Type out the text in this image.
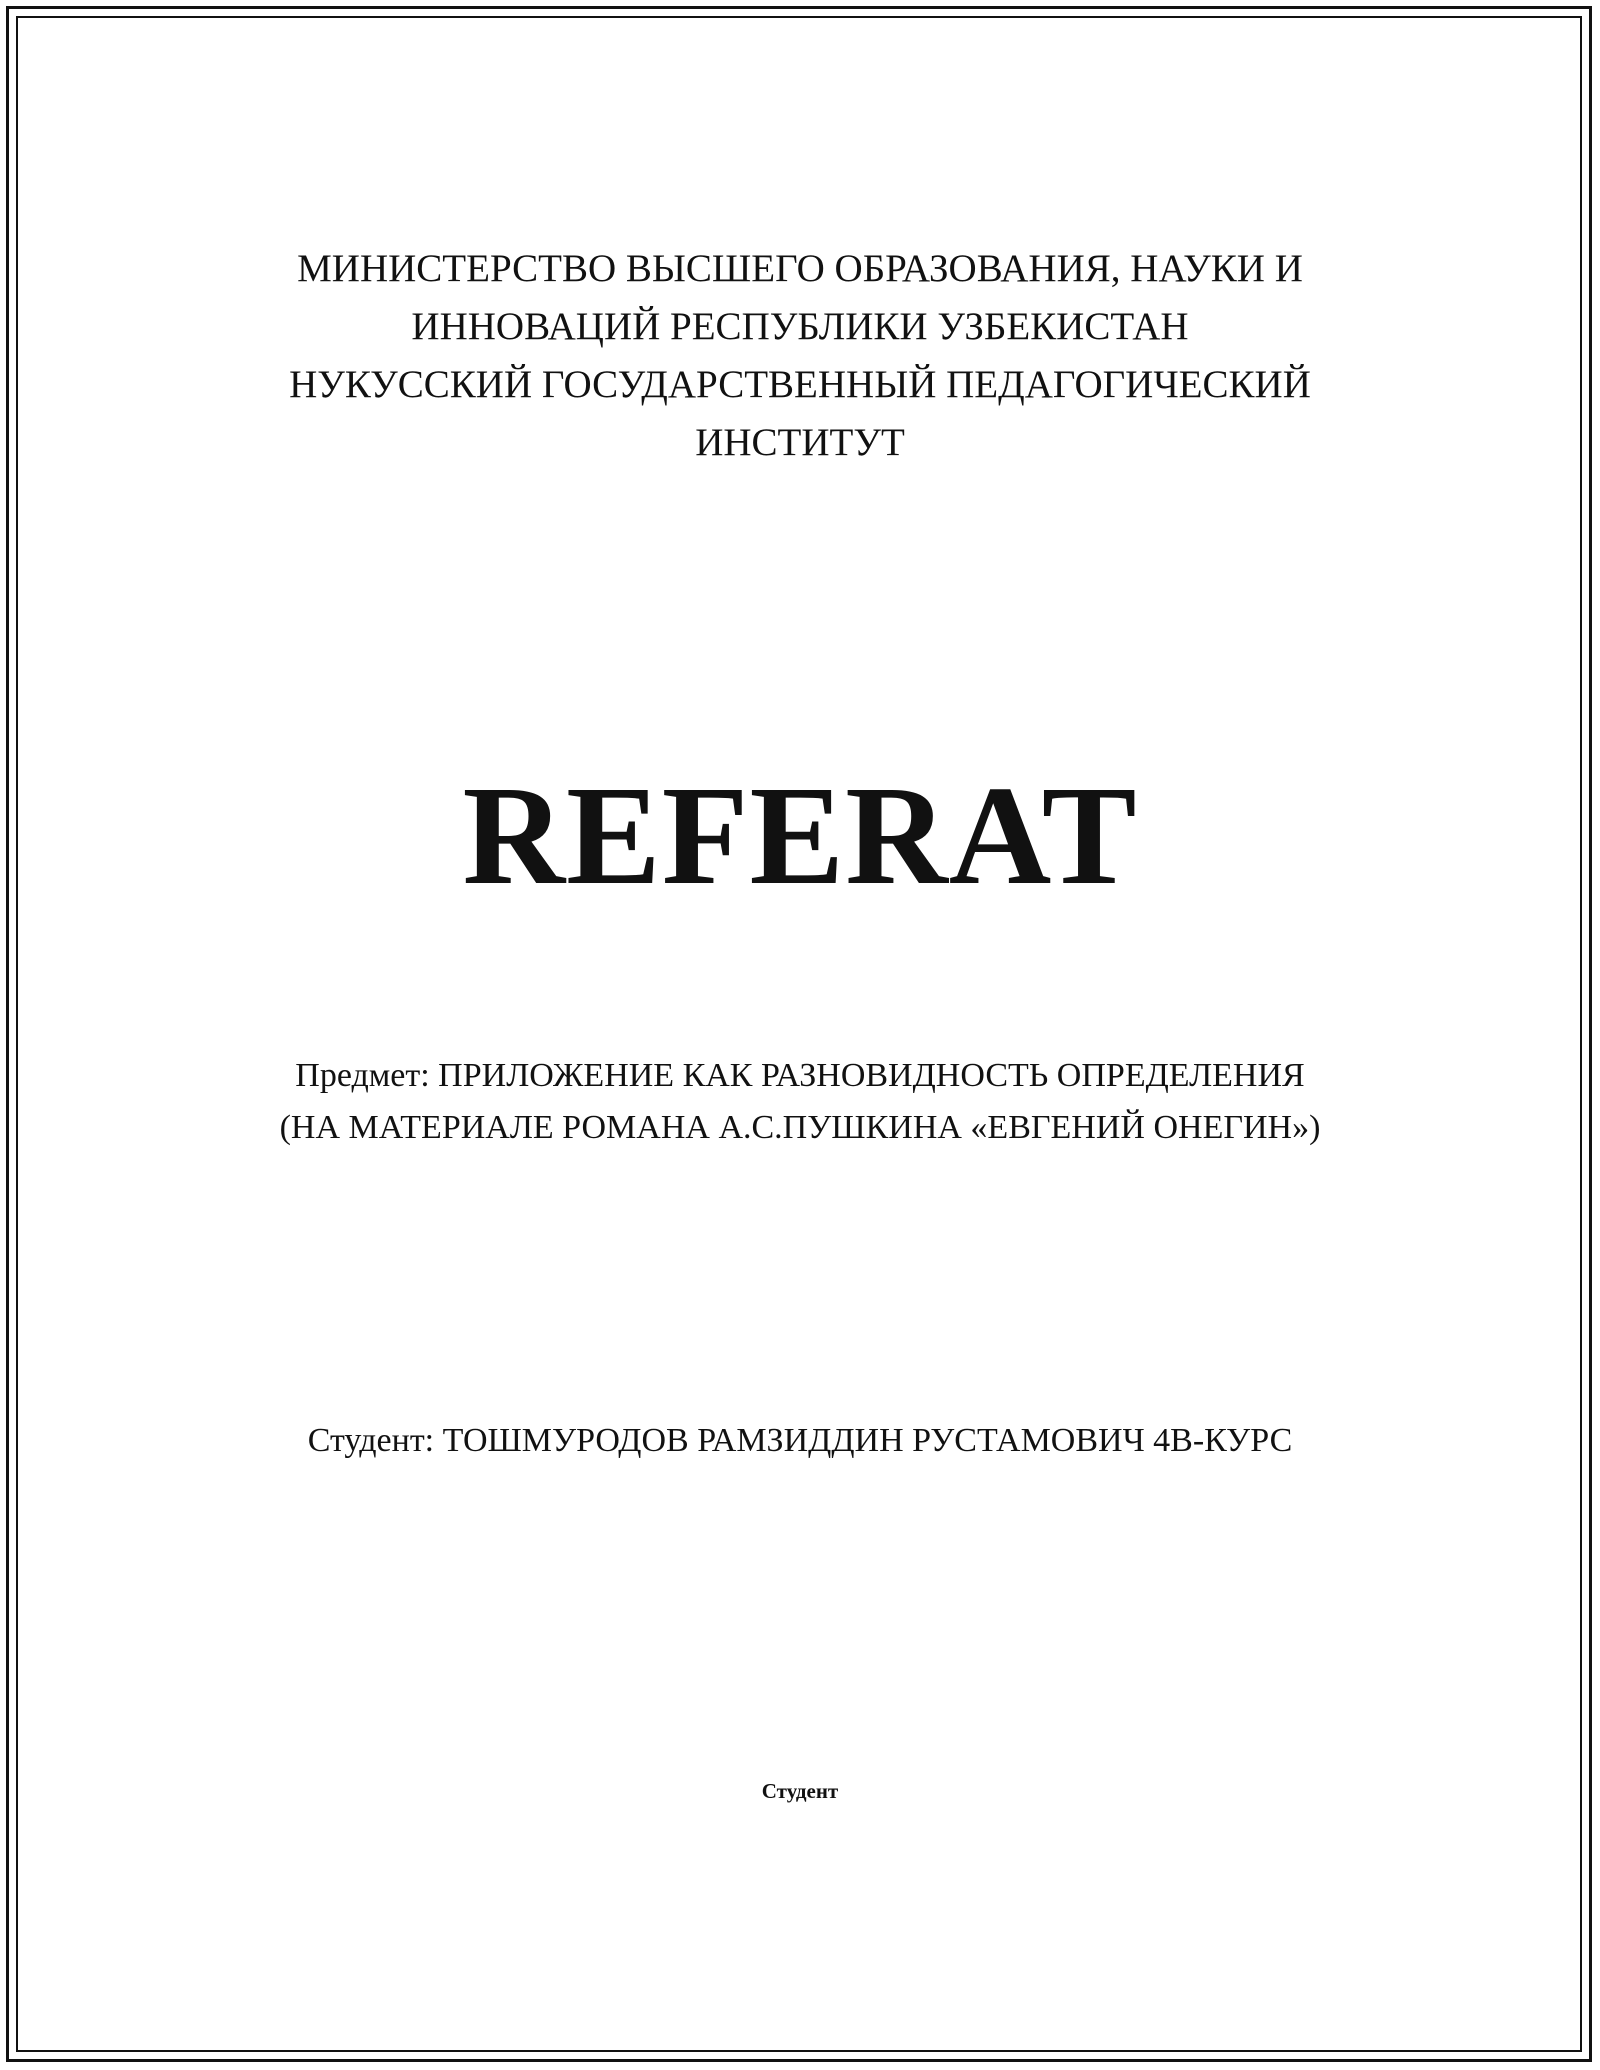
МИНИСТЕРСТВО ВЫСШЕГО ОБРАЗОВАНИЯ, НАУКИ И
ИННОВАЦИЙ РЕСПУБЛИКИ УЗБЕКИСТАН
НУКУССКИЙ ГОСУДАРСТВЕННЫЙ ПЕДАГОГИЧЕСКИЙ
ИНСТИТУТ
REFERAT
Предмет: ПРИЛОЖЕНИЕ КАК РАЗНОВИДНОСТЬ ОПРЕДЕЛЕНИЯ
(НА МАТЕРИАЛЕ РОМАНА А.С.ПУШКИНА «ЕВГЕНИЙ ОНЕГИН»)
Студент: ТОШМУРОДОВ РАМЗИДДИН РУСТАМОВИЧ 4В-КУРС
Студент
